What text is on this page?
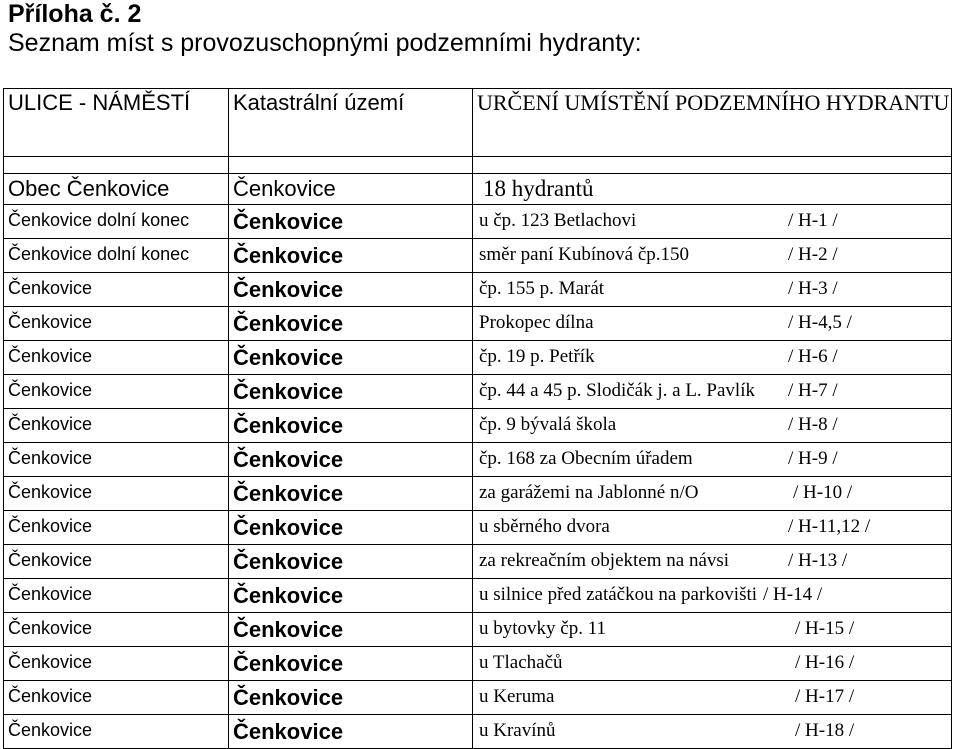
Příloha č. 2
Seznam míst s provozuschopnými podzemními hydranty:
ULICE - NÁMĚSTÍ	Katastrální území	URČENÍ UMÍSTĚNÍ PODZEMNÍHO HYDRANTU

Obec Čenkovice	Čenkovice	18 hydrantů
Čenkovice dolní konec	Čenkovice	u čp. 123 Betlachovi / H-1 /

Čenkovice dolní konec	Čenkovice	směr paní Kubínová čp.150 / H-2 /

Čenkovice	Čenkovice	čp. 155 p. Marát / H-3 /

Čenkovice	Čenkovice	Prokopec dílna / H-4,5 /

Čenkovice	Čenkovice	čp. 19 p. Petřík / H-6 /

Čenkovice	Čenkovice	čp. 44 a 45 p. Slodičák j. a L. Pavlík / H-7 /

Čenkovice	Čenkovice	čp. 9 bývalá škola / H-8 /

Čenkovice	Čenkovice	čp. 168 za Obecním úřadem / H-9 /

Čenkovice	Čenkovice	za garážemi na Jablonné n/O / H-10 /

Čenkovice	Čenkovice	u sběrného dvora / H-11,12 /

Čenkovice	Čenkovice	za rekreačním objektem na návsi / H-13 /

Čenkovice	Čenkovice	u silnice před zatáčkou na parkovišti / H-14 /

Čenkovice	Čenkovice	u bytovky čp. 11 / H-15 /

Čenkovice	Čenkovice	u Tlachačů / H-16 /

Čenkovice	Čenkovice	u Keruma / H-17 /

Čenkovice	Čenkovice	u Kravínů / H-18 /
